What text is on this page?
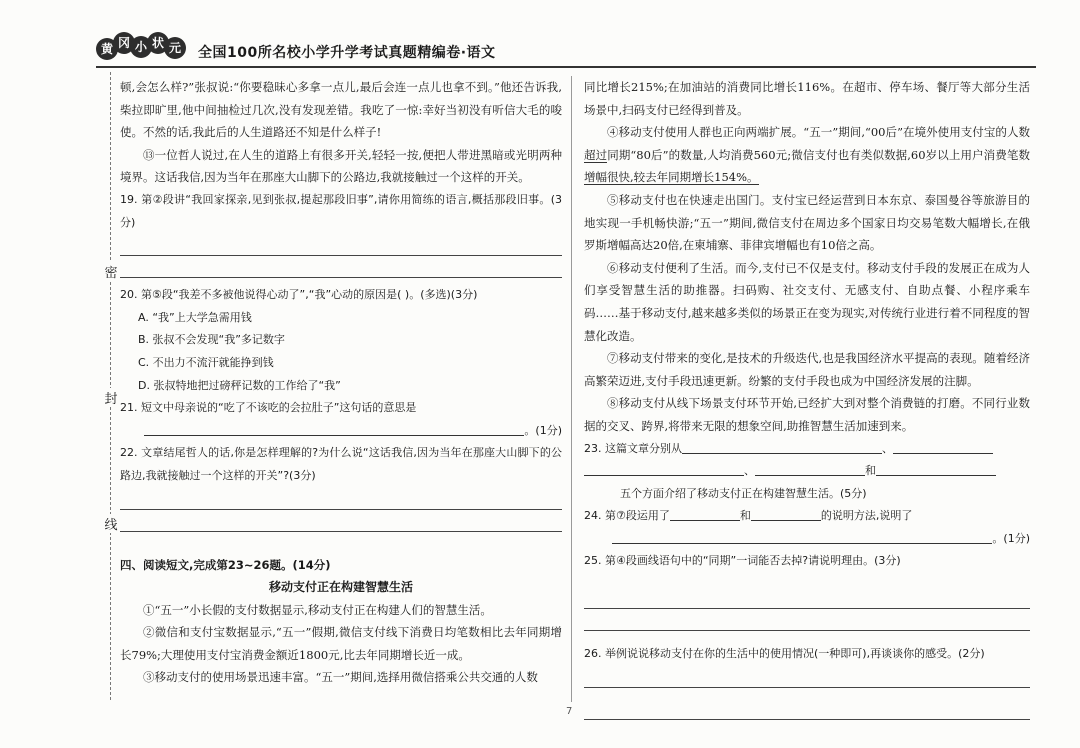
黄 冈 小 状 元	全国100所名校小学升学考试真题精编卷·语文
密
封
线

顿,会怎么样?”张叔说:“你要稳昧心多拿一点儿,最后会连一点儿也拿不到。”他还告诉我,柴拉即旷里,他中间抽检过几次,没有发现差错。我吃了一惊:幸好当初没有听信大毛的唆使。不然的话,我此后的人生道路还不知是什么样子!

⑬一位哲人说过,在人生的道路上有很多开关,轻轻一按,便把人带进黑暗或光明两种境界。这话我信,因为当年在那座大山脚下的公路边,我就接触过一个这样的开关。

19. 第②段讲“我回家探亲,见到张叔,提起那段旧事”,请你用简练的语言,概括那段旧事。(3分)

20. 第⑤段“我差不多被他说得心动了”,“我”心动的原因是( )。(多选)(3分)

A. “我”上大学急需用钱

B. 张叔不会发现“我”多记数字

C. 不出力不流汗就能挣到钱

D. 张叔特地把过磅秤记数的工作给了“我”

21. 短文中母亲说的“吃了不该吃的会拉肚子”这句话的意思是

。(1分)

22. 文章结尾哲人的话,你是怎样理解的?为什么说“这话我信,因为当年在那座大山脚下的公路边,我就接触过一个这样的开关”?(3分)

四、阅读短文,完成第23~26题。(14分)

移动支付正在构建智慧生活

①“五一”小长假的支付数据显示,移动支付正在构建人们的智慧生活。

②微信和支付宝数据显示,“五一”假期,微信支付线下消费日均笔数相比去年同期增长79%;大理使用支付宝消费金额近1800元,比去年同期增长近一成。

③移动支付的使用场景迅速丰富。“五一”期间,选择用微信搭乘公共交通的人数

同比增长215%;在加油站的消费同比增长116%。在超市、停车场、餐厅等大部分生活场景中,扫码支付已经得到普及。

④移动支付使用人群也正向两端扩展。“五一”期间,“00后”在境外使用支付宝的人数超过同期“80后”的数量,人均消费560元;微信支付也有类似数据,60岁以上用户消费笔数增幅很快,较去年同期增长154%。

⑤移动支付也在快速走出国门。支付宝已经运营到日本东京、泰国曼谷等旅游目的地实现一手机畅快游;“五一”期间,微信支付在周边多个国家日均交易笔数大幅增长,在俄罗斯增幅高达20倍,在柬埔寨、菲律宾增幅也有10倍之高。

⑥移动支付便利了生活。而今,支付已不仅是支付。移动支付手段的发展正在成为人们享受智慧生活的助推器。扫码购、社交支付、无感支付、自助点餐、小程序乘车码……基于移动支付,越来越多类似的场景正在变为现实,对传统行业进行着不同程度的智慧化改造。

⑦移动支付带来的变化,是技术的升级迭代,也是我国经济水平提高的表现。随着经济高繁荣迈进,支付手段迅速更新。纷繁的支付手段也成为中国经济发展的注脚。

⑧移动支付从线下场景支付环节开始,已经扩大到对整个消费链的打磨。不同行业数据的交叉、跨界,将带来无限的想象空间,助推智慧生活加速到来。

23. 这篇文章分别从	、

、	和

五个方面介绍了移动支付正在构建智慧生活。(5分)

24. 第⑦段运用了	和	的说明方法,说明了

。(1分)

25. 第④段画线语句中的“同期”一词能否去掉?请说明理由。(3分)

26. 举例说说移动支付在你的生活中的使用情况(一种即可),再谈谈你的感受。(2分)

7
